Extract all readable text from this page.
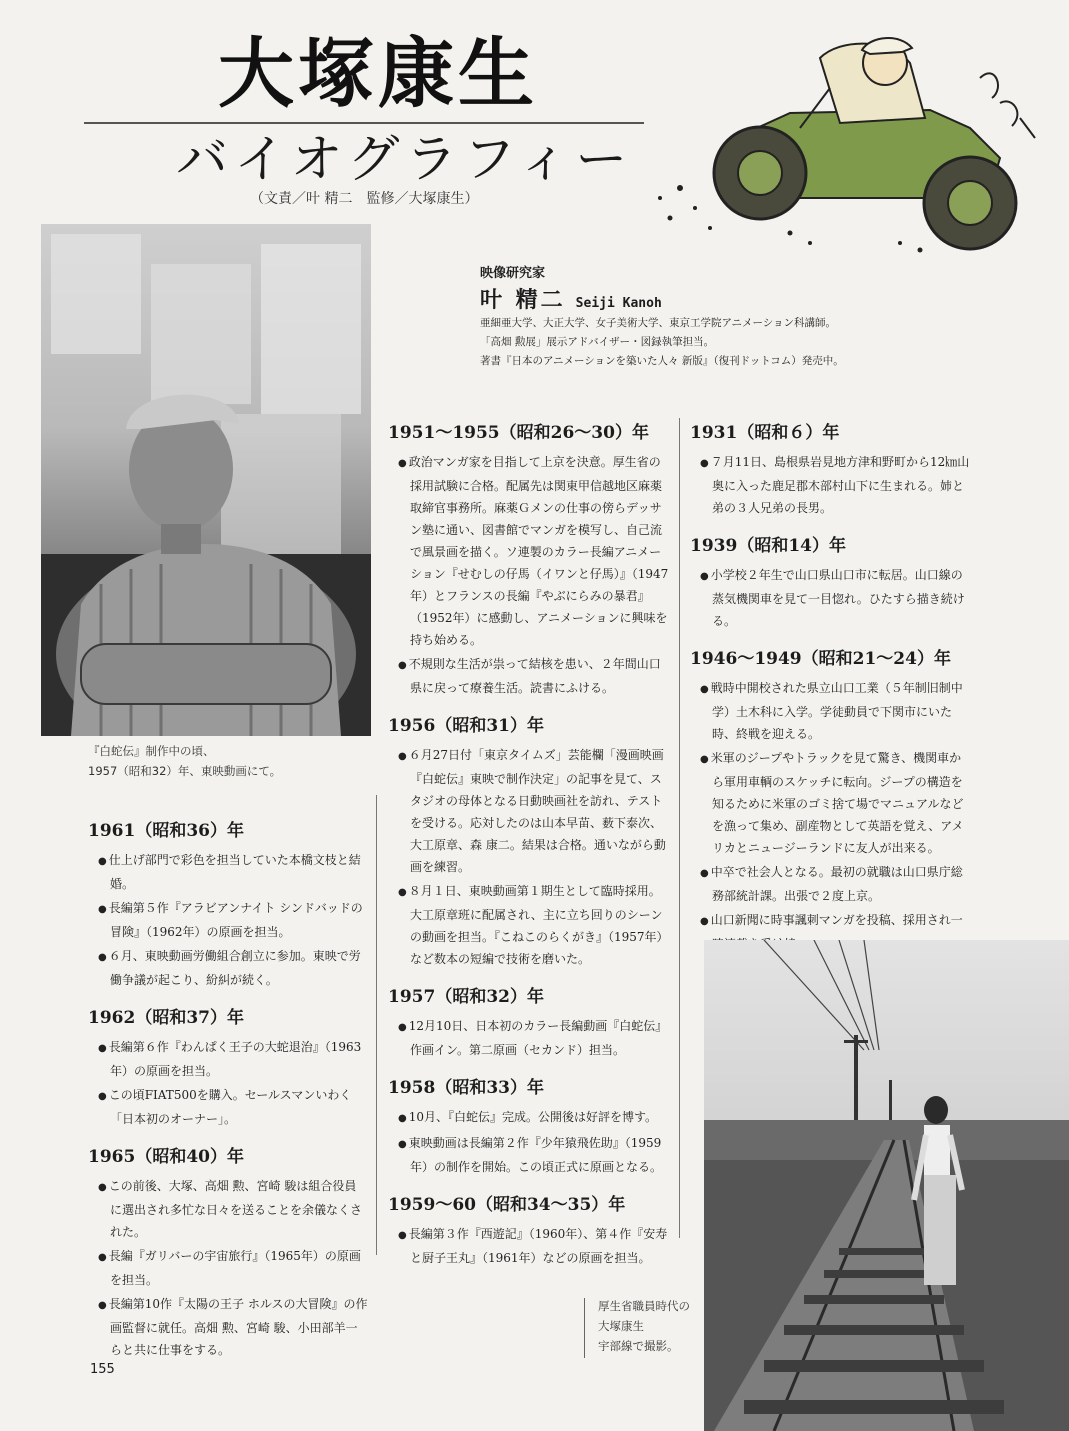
大塚康生
バイオグラフィー
（文責／叶 精二　監修／大塚康生）
『白蛇伝』制作中の頃、
1957（昭和32）年、東映動画にて。
映像研究家
叶 精二 Seiji Kanoh
亜細亜大学、大正大学、女子美術大学、東京工学院アニメーション科講師。
「高畑 勲展」展示アドバイザー・図録執筆担当。
著書『日本のアニメーションを築いた人々 新版』（復刊ドットコム）発売中。
1961（昭和36）年
● 仕上げ部門で彩色を担当していた本橋文枝と結婚。
● 長編第５作『アラビアンナイト シンドバッドの冒険』（1962年）の原画を担当。
● ６月、東映動画労働組合創立に参加。東映で労働争議が起こり、紛糾が続く。
1962（昭和37）年
● 長編第６作『わんぱく王子の大蛇退治』（1963年）の原画を担当。
● この頃FIAT500を購入。セールスマンいわく「日本初のオーナー」。
1965（昭和40）年
● この前後、大塚、高畑 勲、宮崎 駿は組合役員に選出され多忙な日々を送ることを余儀なくされた。
● 長編『ガリバーの宇宙旅行』（1965年）の原画を担当。
● 長編第10作『太陽の王子 ホルスの大冒険』の作画監督に就任。高畑 勲、宮崎 駿、小田部羊一らと共に仕事をする。
1951〜1955（昭和26〜30）年
● 政治マンガ家を目指して上京を決意。厚生省の採用試験に合格。配属先は関東甲信越地区麻薬取締官事務所。麻薬Ｇメンの仕事の傍らデッサン塾に通い、図書館でマンガを模写し、自己流で風景画を描く。ソ連製のカラー長編アニメーション『せむしの仔馬（イワンと仔馬）』（1947年）とフランスの長編『やぶにらみの暴君』（1952年）に感動し、アニメーションに興味を持ち始める。
● 不規則な生活が祟って結核を患い、２年間山口県に戻って療養生活。読書にふける。
1956（昭和31）年
● ６月27日付「東京タイムズ」芸能欄「漫画映画『白蛇伝』東映で制作決定」の記事を見て、スタジオの母体となる日動映画社を訪れ、テストを受ける。応対したのは山本早苗、薮下泰次、大工原章、森 康二。結果は合格。通いながら動画を練習。
● ８月１日、東映動画第１期生として臨時採用。大工原章班に配属され、主に立ち回りのシーンの動画を担当。『こねこのらくがき』（1957年）など数本の短編で技術を磨いた。
1957（昭和32）年
● 12月10日、日本初のカラー長編動画『白蛇伝』作画イン。第二原画（セカンド）担当。
1958（昭和33）年
● 10月、『白蛇伝』完成。公開後は好評を博す。
● 東映動画は長編第２作『少年猿飛佐助』（1959年）の制作を開始。この頃正式に原画となる。
1959〜60（昭和34〜35）年
● 長編第３作『西遊記』（1960年）、第４作『安寿と厨子王丸』（1961年）などの原画を担当。
1931（昭和６）年
● ７月11日、島根県岩見地方津和野町から12㎞山奥に入った鹿足郡木部村山下に生まれる。姉と弟の３人兄弟の長男。
1939（昭和14）年
● 小学校２年生で山口県山口市に転居。山口線の蒸気機関車を見て一目惚れ。ひたすら描き続ける。
1946〜1949（昭和21〜24）年
● 戦時中開校された県立山口工業（５年制旧制中学）土木科に入学。学徒動員で下関市にいた時、終戦を迎える。
● 米軍のジープやトラックを見て驚き、機関車から軍用車輌のスケッチに転向。ジープの構造を知るために米軍のゴミ捨て場でマニュアルなどを漁って集め、副産物として英語を覚え、アメリカとニュージーランドに友人が出来る。
● 中卒で社会人となる。最初の就職は山口県庁総務部統計課。出張で２度上京。
● 山口新聞に時事諷刺マンガを投稿、採用され一
厚生省職員時代の
大塚康生
宇部線で撮影。
155
